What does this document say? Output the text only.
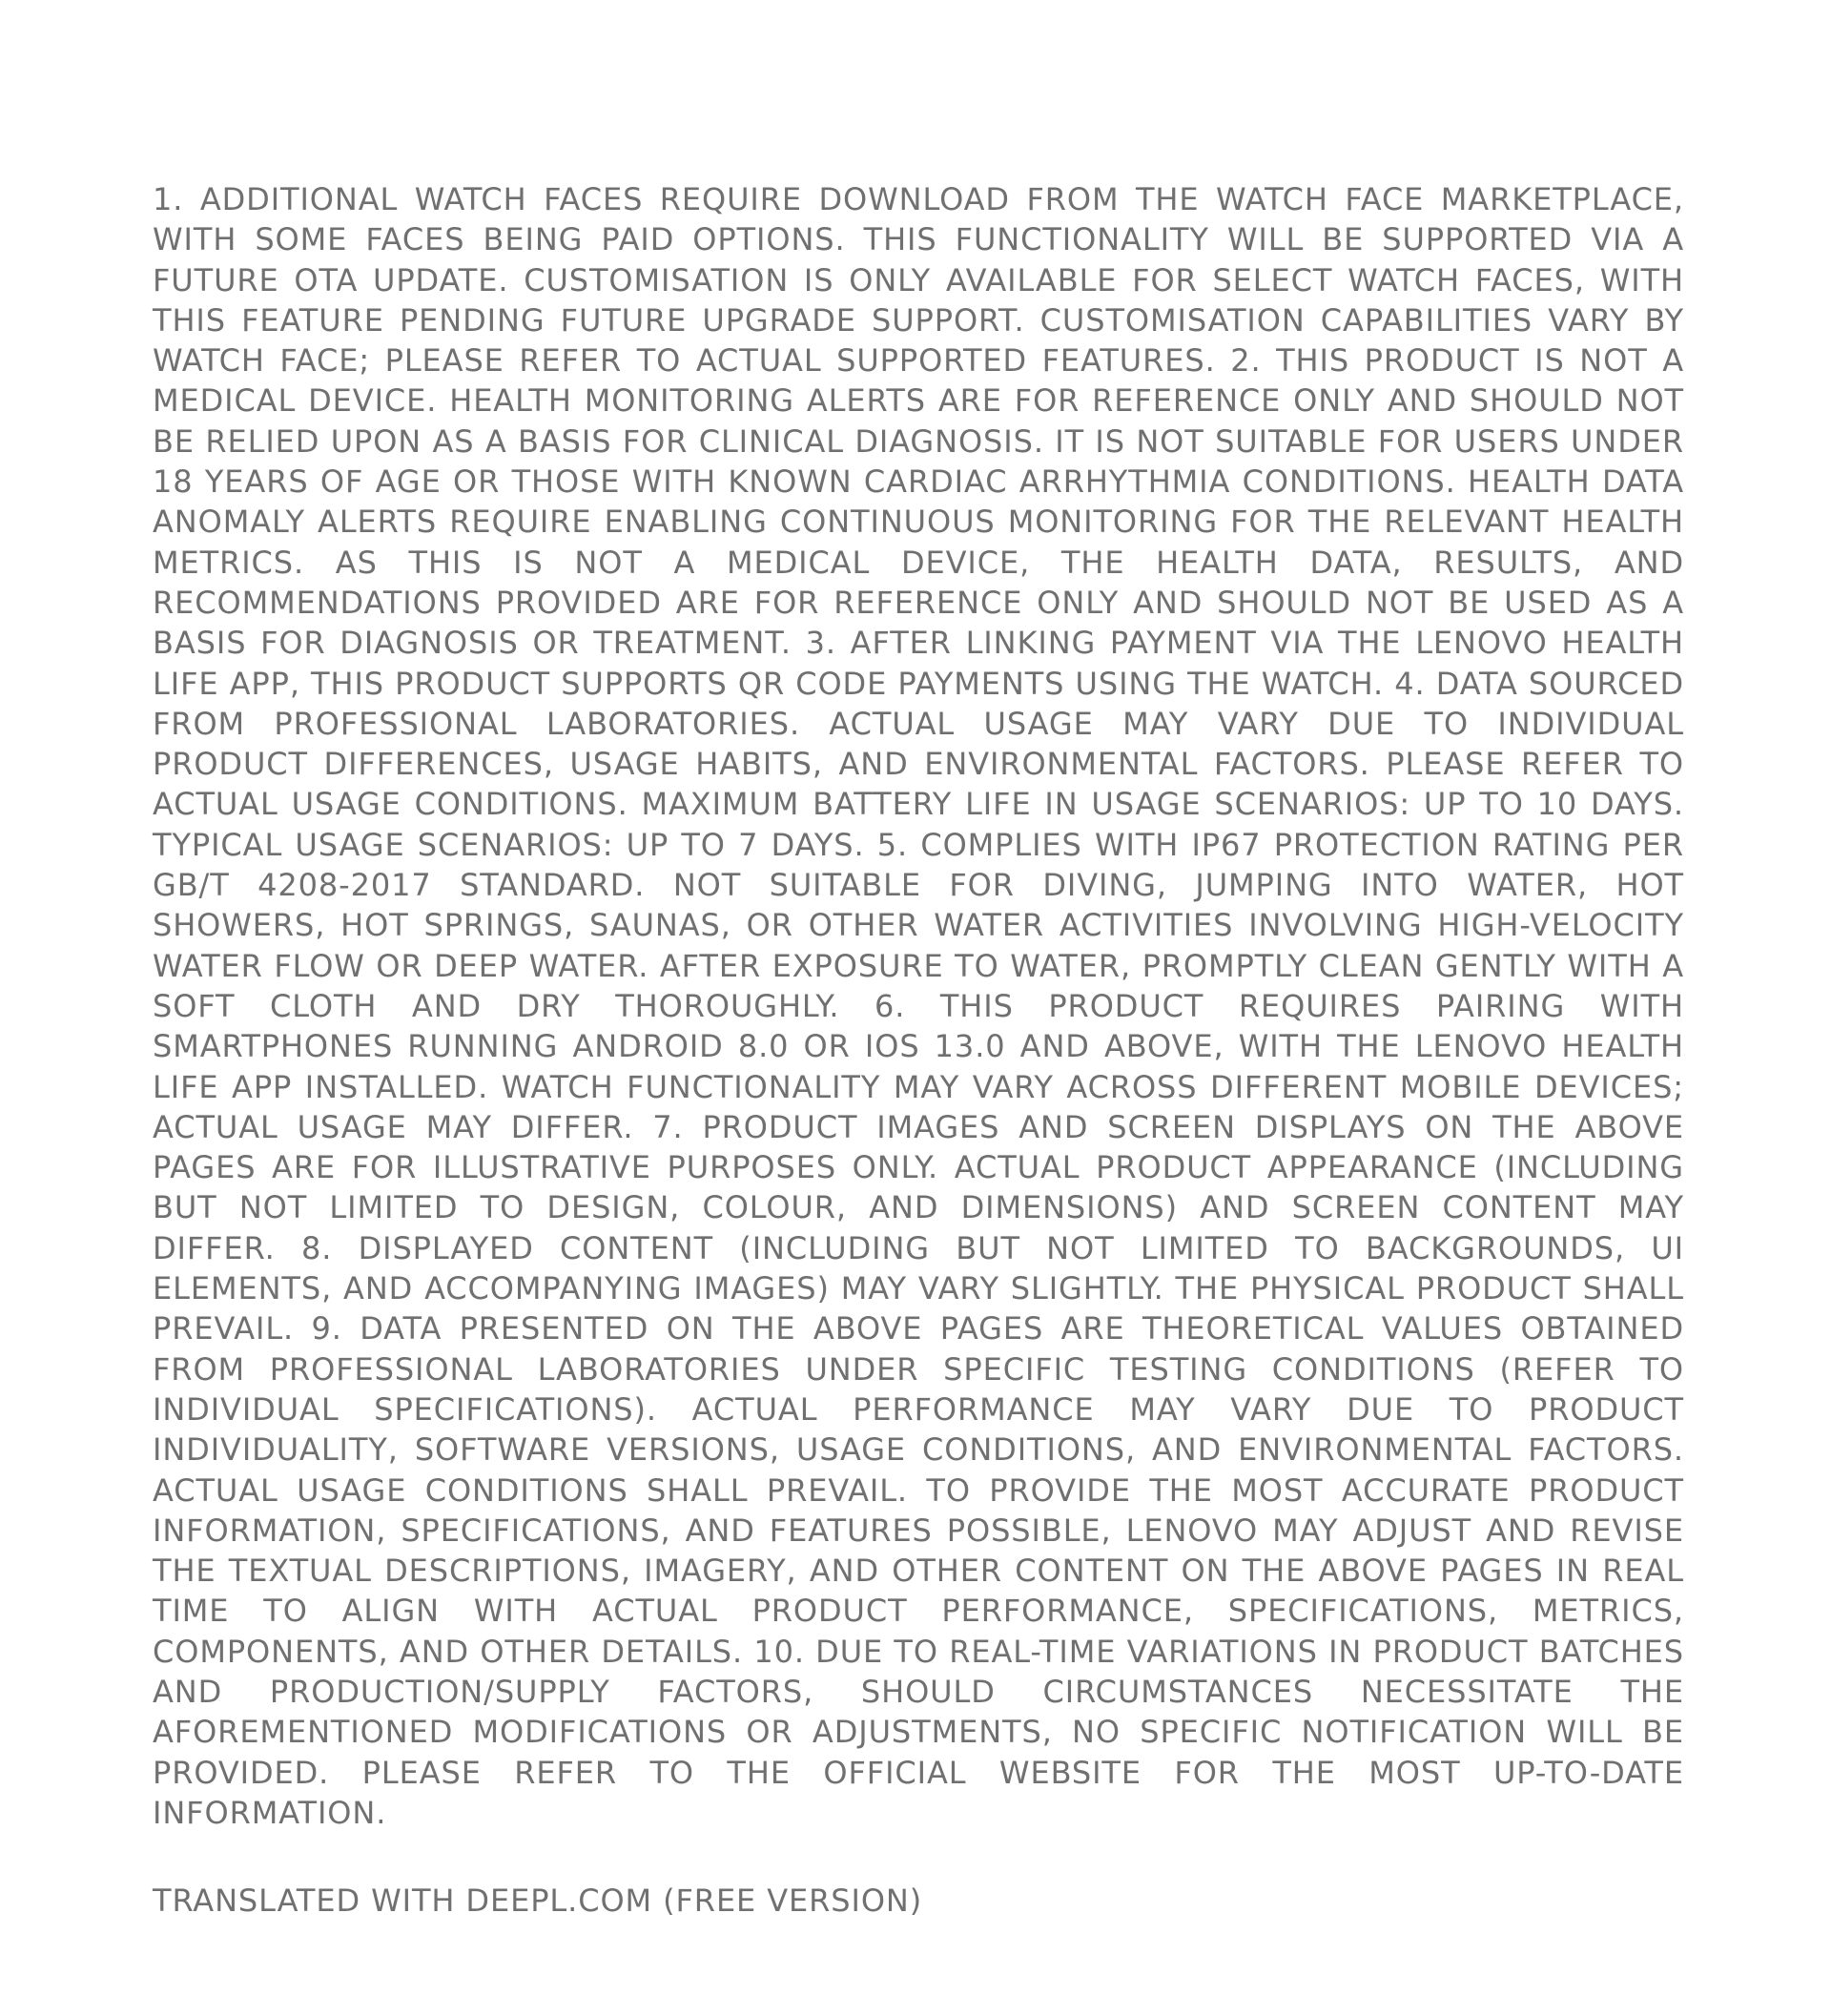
1. ADDITIONAL WATCH FACES REQUIRE DOWNLOAD FROM THE WATCH FACE MARKETPLACE, WITH SOME FACES BEING PAID OPTIONS. THIS FUNCTIONALITY WILL BE SUPPORTED VIA A FUTURE OTA UPDATE. CUSTOMISATION IS ONLY AVAILABLE FOR SELECT WATCH FACES, WITH THIS FEATURE PENDING FUTURE UPGRADE SUPPORT. CUSTOMISATION CAPABILITIES VARY BY WATCH FACE; PLEASE REFER TO ACTUAL SUPPORTED FEATURES. 2. THIS PRODUCT IS NOT A MEDICAL DEVICE. HEALTH MONITORING ALERTS ARE FOR REFERENCE ONLY AND SHOULD NOT BE RELIED UPON AS A BASIS FOR CLINICAL DIAGNOSIS. IT IS NOT SUITABLE FOR USERS UNDER 18 YEARS OF AGE OR THOSE WITH KNOWN CARDIAC ARRHYTHMIA CONDITIONS. HEALTH DATA ANOMALY ALERTS REQUIRE ENABLING CONTINUOUS MONITORING FOR THE RELEVANT HEALTH METRICS. AS THIS IS NOT A MEDICAL DEVICE, THE HEALTH DATA, RESULTS, AND RECOMMENDATIONS PROVIDED ARE FOR REFERENCE ONLY AND SHOULD NOT BE USED AS A BASIS FOR DIAGNOSIS OR TREATMENT. 3. AFTER LINKING PAYMENT VIA THE LENOVO HEALTH LIFE APP, THIS PRODUCT SUPPORTS QR CODE PAYMENTS USING THE WATCH. 4. DATA SOURCED FROM PROFESSIONAL LABORATORIES. ACTUAL USAGE MAY VARY DUE TO INDIVIDUAL PRODUCT DIFFERENCES, USAGE HABITS, AND ENVIRONMENTAL FACTORS. PLEASE REFER TO ACTUAL USAGE CONDITIONS. MAXIMUM BATTERY LIFE IN USAGE SCENARIOS: UP TO 10 DAYS. TYPICAL USAGE SCENARIOS: UP TO 7 DAYS. 5. COMPLIES WITH IP67 PROTECTION RATING PER GB/T 4208-2017 STANDARD. NOT SUITABLE FOR DIVING, JUMPING INTO WATER, HOT SHOWERS, HOT SPRINGS, SAUNAS, OR OTHER WATER ACTIVITIES INVOLVING HIGH-VELOCITY WATER FLOW OR DEEP WATER. AFTER EXPOSURE TO WATER, PROMPTLY CLEAN GENTLY WITH A SOFT CLOTH AND DRY THOROUGHLY. 6. THIS PRODUCT REQUIRES PAIRING WITH SMARTPHONES RUNNING ANDROID 8.0 OR IOS 13.0 AND ABOVE, WITH THE LENOVO HEALTH LIFE APP INSTALLED. WATCH FUNCTIONALITY MAY VARY ACROSS DIFFERENT MOBILE DEVICES; ACTUAL USAGE MAY DIFFER. 7. PRODUCT IMAGES AND SCREEN DISPLAYS ON THE ABOVE PAGES ARE FOR ILLUSTRATIVE PURPOSES ONLY. ACTUAL PRODUCT APPEARANCE (INCLUDING BUT NOT LIMITED TO DESIGN, COLOUR, AND DIMENSIONS) AND SCREEN CONTENT MAY DIFFER. 8. DISPLAYED CONTENT (INCLUDING BUT NOT LIMITED TO BACKGROUNDS, UI ELEMENTS, AND ACCOMPANYING IMAGES) MAY VARY SLIGHTLY. THE PHYSICAL PRODUCT SHALL PREVAIL. 9. DATA PRESENTED ON THE ABOVE PAGES ARE THEORETICAL VALUES OBTAINED FROM PROFESSIONAL LABORATORIES UNDER SPECIFIC TESTING CONDITIONS (REFER TO INDIVIDUAL SPECIFICATIONS). ACTUAL PERFORMANCE MAY VARY DUE TO PRODUCT INDIVIDUALITY, SOFTWARE VERSIONS, USAGE CONDITIONS, AND ENVIRONMENTAL FACTORS. ACTUAL USAGE CONDITIONS SHALL PREVAIL. TO PROVIDE THE MOST ACCURATE PRODUCT INFORMATION, SPECIFICATIONS, AND FEATURES POSSIBLE, LENOVO MAY ADJUST AND REVISE THE TEXTUAL DESCRIPTIONS, IMAGERY, AND OTHER CONTENT ON THE ABOVE PAGES IN REAL TIME TO ALIGN WITH ACTUAL PRODUCT PERFORMANCE, SPECIFICATIONS, METRICS, COMPONENTS, AND OTHER DETAILS. 10. DUE TO REAL-TIME VARIATIONS IN PRODUCT BATCHES AND PRODUCTION/SUPPLY FACTORS, SHOULD CIRCUMSTANCES NECESSITATE THE AFOREMENTIONED MODIFICATIONS OR ADJUSTMENTS, NO SPECIFIC NOTIFICATION WILL BE PROVIDED. PLEASE REFER TO THE OFFICIAL WEBSITE FOR THE MOST UP-TO-DATE INFORMATION.

TRANSLATED WITH DEEPL.COM (FREE VERSION)
